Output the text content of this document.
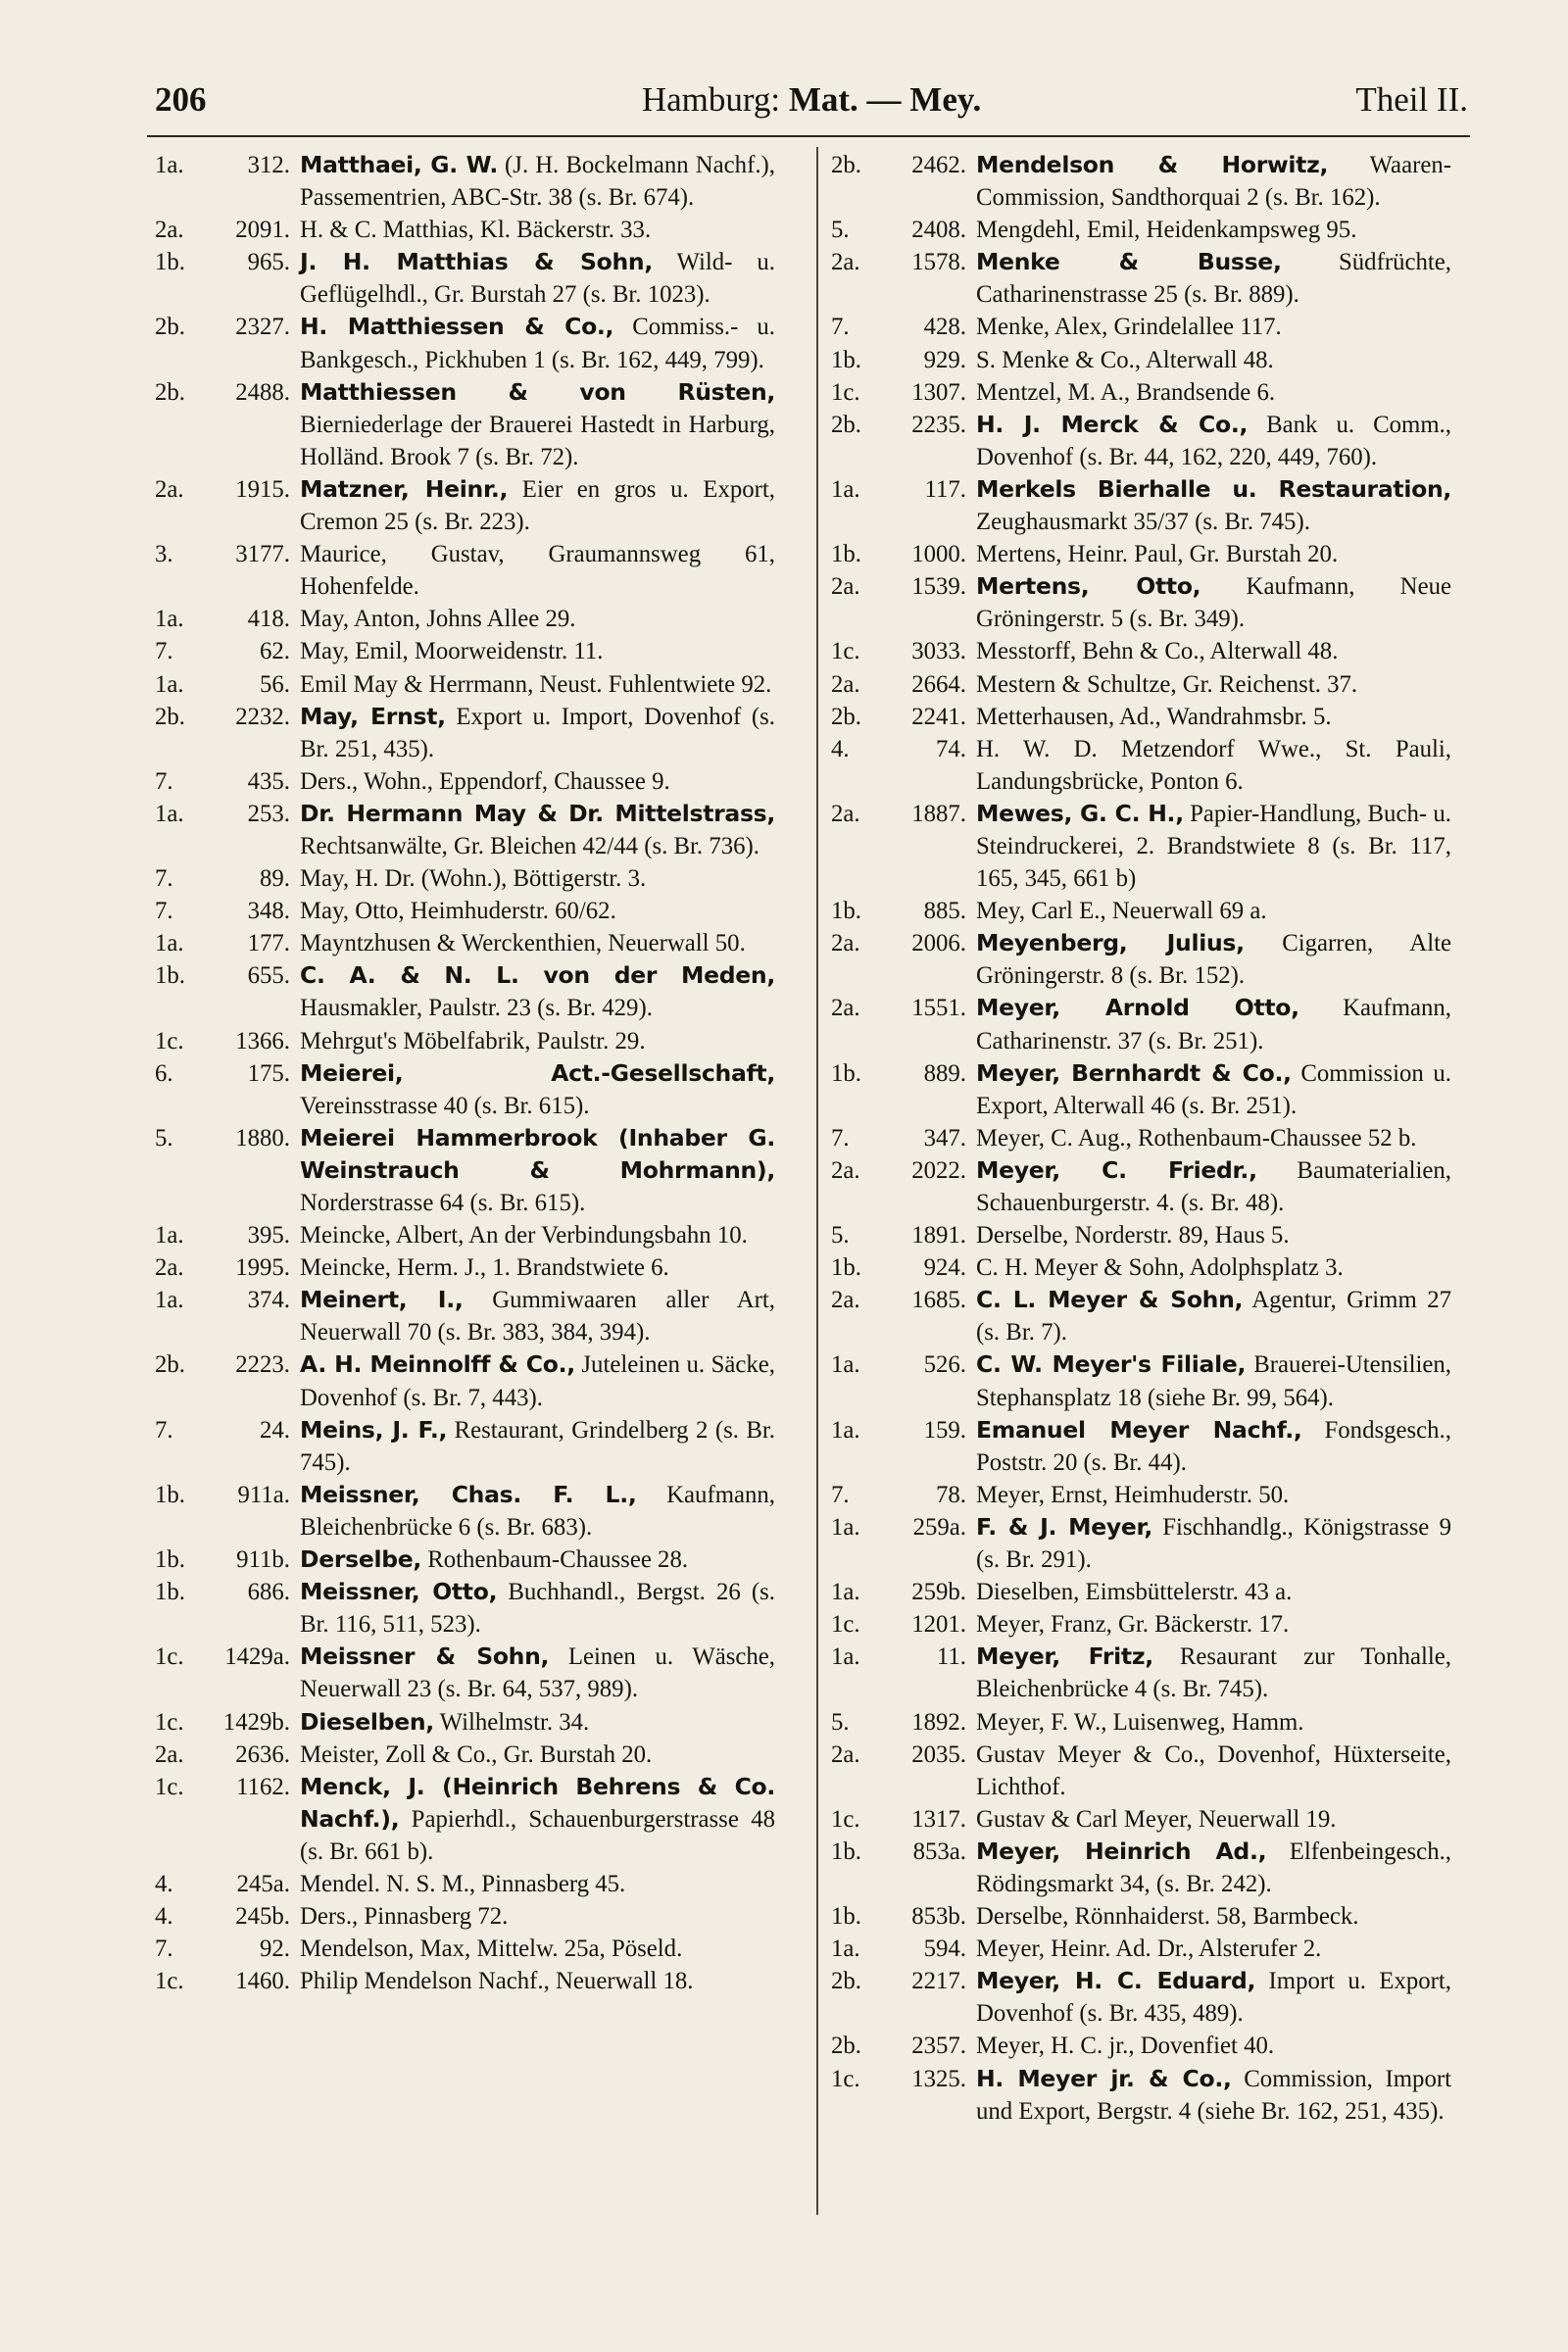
206	Hamburg: Mat. — Mey.	Theil II.
1a.	312. Matthaei, G. W. (J. H. Bockelmann Nachf.), Passementrien, ABC-Str. 38 (s. Br. 674).
2a. 2091. H. & C. Matthias, Kl. Bäckerstr. 33.
1b.	965. J. H. Matthias & Sohn, Wild- u. Geflügelhdl., Gr. Burstah 27 (s. Br. 1023).
2b. 2327. H. Matthiessen & Co., Commiss.- u. Bankgesch., Pickhuben 1 (s. Br. 162, 449, 799).
2b. 2488. Matthiessen & von Rüsten, Bierniederlage der Brauerei Hastedt in Harburg, Holländ. Brook 7 (s. Br. 72).
2a. 1915. Matzner, Heinr., Eier en gros u. Export, Cremon 25 (s. Br. 223).
3.	3177. Maurice, Gustav, Graumannsweg 61, Hohenfelde.
1a.	418. May, Anton, Johns Allee 29.
7.	62. May, Emil, Moorweidenstr. 11.
1a.	56. Emil May & Herrmann, Neust. Fuhlentwiete 92.
2b. 2232. May, Ernst, Export u. Import, Dovenhof (s. Br. 251, 435).
7.	435. Ders., Wohn., Eppendorf, Chaussee 9.
1a.	253. Dr. Hermann May & Dr. Mittelstrass, Rechtsanwälte, Gr. Bleichen 42/44 (s. Br. 736).
7.	89. May, H. Dr. (Wohn.), Böttigerstr. 3.
7.	348. May, Otto, Heimhuderstr. 60/62.
1a.	177. Mayntzhusen & Werckenthien, Neuerwall 50.
1b.	655. C. A. & N. L. von der Meden, Hausmakler, Paulstr. 23 (s. Br. 429).
1c. 1366. Mehrgut's Möbelfabrik, Paulstr. 29.
6.	175. Meierei, Act.-Gesellschaft, Vereinsstrasse 40 (s. Br. 615).
5.	1880. Meierei Hammerbrook (Inhaber G. Weinstrauch & Mohrmann), Norderstrasse 64 (s. Br. 615).
1a.	395. Meincke, Albert, An der Verbindungsbahn 10.
2a. 1995. Meincke, Herm. J., 1. Brandstwiete 6.
1a.	374. Meinert, I., Gummiwaaren aller Art, Neuerwall 70 (s. Br. 383, 384, 394).
2b. 2223. A. H. Meinnolff & Co., Juteleinen u. Säcke, Dovenhof (s. Br. 7, 443).
7.	24. Meins, J. F., Restaurant, Grindelberg 2 (s. Br. 745).
1b. 911a. Meissner, Chas. F. L., Kaufmann, Bleichenbrücke 6 (s. Br. 683).
1b. 911b. Derselbe, Rothenbaum-Chaussee 28.
1b.	686. Meissner, Otto, Buchhandl., Bergst. 26 (s. Br. 116, 511, 523).
1c. 1429a. Meissner & Sohn, Leinen u. Wäsche, Neuerwall 23 (s. Br. 64, 537, 989).
1c. 1429b. Dieselben, Wilhelmstr. 34.
2a. 2636. Meister, Zoll & Co., Gr. Burstah 20.
1c. 1162. Menck, J. (Heinrich Behrens & Co. Nachf.), Papierhdl., Schauenburgerstrasse 48 (s. Br. 661 b).
4.	245a. Mendel. N. S. M., Pinnasberg 45.
4.	245b. Ders., Pinnasberg 72.
7.	92. Mendelson, Max, Mittelw. 25a, Pöseld.
1c. 1460. Philip Mendelson Nachf., Neuerwall 18.
2b. 2462. Mendelson & Horwitz, Waaren-Commission, Sandthorquai 2 (s. Br. 162).
5.	2408. Mengdehl, Emil, Heidenkampsweg 95.
2a. 1578. Menke & Busse, Südfrüchte, Catharinenstrasse 25 (s. Br. 889).
7.	428. Menke, Alex, Grindelallee 117.
1b.	929. S. Menke & Co., Alterwall 48.
1c. 1307. Mentzel, M. A., Brandsende 6.
2b. 2235. H. J. Merck & Co., Bank u. Comm., Dovenhof (s. Br. 44, 162, 220, 449, 760).
1a.	117. Merkels Bierhalle u. Restauration, Zeughausmarkt 35/37 (s. Br. 745).
1b. 1000. Mertens, Heinr. Paul, Gr. Burstah 20.
2a. 1539. Mertens, Otto, Kaufmann, Neue Gröningerstr. 5 (s. Br. 349).
1c. 3033. Messtorff, Behn & Co., Alterwall 48.
2a. 2664. Mestern & Schultze, Gr. Reichenst. 37.
2b. 2241. Metterhausen, Ad., Wandrahmsbr. 5.
4.	74. H. W. D. Metzendorf Wwe., St. Pauli, Landungsbrücke, Ponton 6.
2a. 1887. Mewes, G. C. H., Papier-Handlung, Buch- u. Steindruckerei, 2. Brandstwiete 8 (s. Br. 117, 165, 345, 661 b)
1b.	885. Mey, Carl E., Neuerwall 69 a.
2a. 2006. Meyenberg, Julius, Cigarren, Alte Gröningerstr. 8 (s. Br. 152).
2a. 1551. Meyer, Arnold Otto, Kaufmann, Catharinenstr. 37 (s. Br. 251).
1b.	889. Meyer, Bernhardt & Co., Commission u. Export, Alterwall 46 (s. Br. 251).
7.	347. Meyer, C. Aug., Rothenbaum-Chaussee 52 b.
2a. 2022. Meyer, C. Friedr., Baumaterialien, Schauenburgerstr. 4. (s. Br. 48).
5.	1891. Derselbe, Norderstr. 89, Haus 5.
1b.	924. C. H. Meyer & Sohn, Adolphsplatz 3.
2a. 1685. C. L. Meyer & Sohn, Agentur, Grimm 27 (s. Br. 7).
1a.	526. C. W. Meyer's Filiale, Brauerei-Utensilien, Stephansplatz 18 (siehe Br. 99, 564).
1a.	159. Emanuel Meyer Nachf., Fondsgesch., Poststr. 20 (s. Br. 44).
7.	78. Meyer, Ernst, Heimhuderstr. 50.
1a. 259a. F. & J. Meyer, Fischhandlg., Königstrasse 9 (s. Br. 291).
1a. 259b. Dieselben, Eimsbüttelerstr. 43 a.
1c. 1201. Meyer, Franz, Gr. Bäckerstr. 17.
1a.	11. Meyer, Fritz, Resaurant zur Tonhalle, Bleichenbrücke 4 (s. Br. 745).
5.	1892. Meyer, F. W., Luisenweg, Hamm.
2a. 2035. Gustav Meyer & Co., Dovenhof, Hüxterseite, Lichthof.
1c. 1317. Gustav & Carl Meyer, Neuerwall 19.
1b. 853a. Meyer, Heinrich Ad., Elfenbeingesch., Rödingsmarkt 34, (s. Br. 242).
1b. 853b. Derselbe, Rönnhaiderst. 58, Barmbeck.
1a.	594. Meyer, Heinr. Ad. Dr., Alsterufer 2.
2b. 2217. Meyer, H. C. Eduard, Import u. Export, Dovenhof (s. Br. 435, 489).
2b. 2357. Meyer, H. C. jr., Dovenfiet 40.
1c. 1325. H. Meyer jr. & Co., Commission, Import und Export, Bergstr. 4 (siehe Br. 162, 251, 435).
